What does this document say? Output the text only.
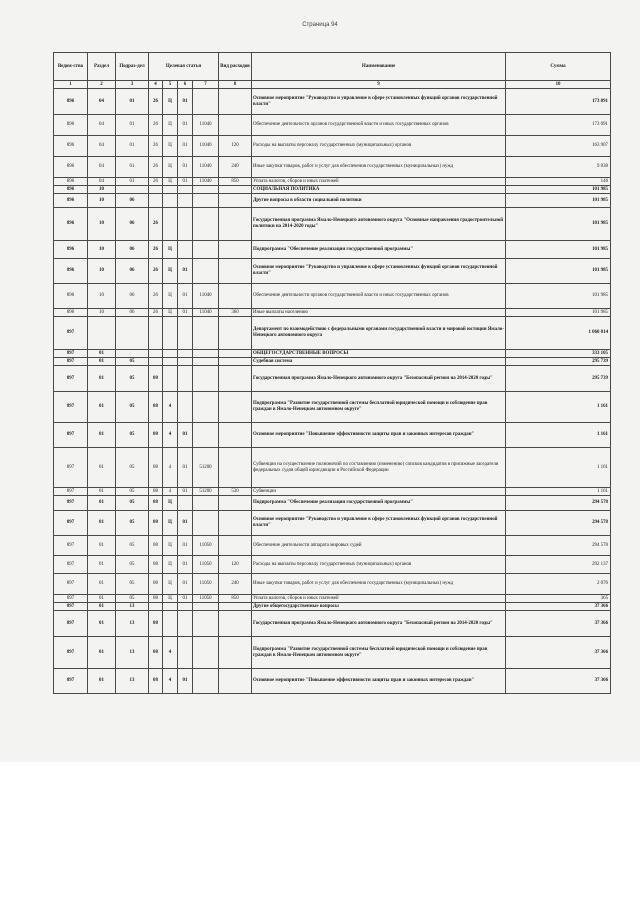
Страница 94
Ведом-ство	Раздел	Подраз-дел	Целевая статья				Вид расходов	Наименование	Сумма
1	2	3	4	5	6	7	8	9	10
896	04	01	26	Ц	01			Основное мероприятие "Руководство и управление в сфере установленных функций органов государственной власти"	173 091
896	04	01	26	Ц	01	11040		Обеспечение деятельности органов государственной власти и иных государственных органов	173 091
896	04	01	26	Ц	01	11040	120	Расходы на выплаты персоналу государственных (муниципальных) органов	163 907
896	04	01	26	Ц	01	11040	240	Иные закупки товаров, работ и услуг для обеспечения государственных (муниципальных) нужд	9 038
896	04	01	26	Ц	01	11040	850	Уплата налогов, сборов и иных платежей	146
896	10							СОЦИАЛЬНАЯ ПОЛИТИКА	101 985
896	10	06						Другие вопросы в области социальной политики	101 985
896	10	06	26					Государственная программа Ямало-Ненецкого автономного округа "Основные направления градостроительной политики на 2014-2020 годы"	101 985
896	10	06	26	Ц				Подпрограмма "Обеспечение реализации государственной программы"	101 985
896	10	06	26	Ц	01			Основное мероприятие "Руководство и управление в сфере установленных функций органов государственной власти"	101 985
896	10	06	26	Ц	01	11040		Обеспечение деятельности органов государственной власти и иных государственных органов	101 985
896	10	06	26	Ц	01	11040	360	Иные выплаты населению	101 985
897								Департамент по взаимодействию с федеральными органами государственной власти и мировой юстиции Ямало-Ненецкого автономного округа	1 060 014
897	01							ОБЩЕГОСУДАРСТВЕННЫЕ ВОПРОСЫ	333 105
897	01	05						Судебная система	295 739
897	01	05	08					Государственная программа Ямало-Ненецкого автономного округа "Безопасный регион на 2014-2020 годы"	295 739
897	01	05	08	4				Подпрограмма "Развитие государственной системы бесплатной юридической помощи и соблюдение прав граждан в Ямало-Ненецком автономном округе"	1 161
897	01	05	08	4	01			Основное мероприятие "Повышение эффективности защиты прав и законных интересов граждан"	1 161
897	01	05	08	4	01	51200		Субвенции на осуществление полномочий по составлению (изменению) списков кандидатов в присяжные заседатели федеральных судов общей юрисдикции в Российской Федерации	1 161
897	01	05	08	4	01	51200	530	Субвенции	1 161
897	01	05	08	Ц				Подпрограмма "Обеспечение реализации государственной программы"	294 578
897	01	05	08	Ц	01			Основное мероприятие "Руководство и управление в сфере установленных функций органов государственной власти"	294 578
897	01	05	08	Ц	01	11050		Обеспечение деятельности аппарата мировых судей	294 578
897	01	05	08	Ц	01	11050	120	Расходы на выплаты персоналу государственных (муниципальных) органов	292 137
897	01	05	08	Ц	01	11050	240	Иные закупки товаров, работ и услуг для обеспечения государственных (муниципальных) нужд	2 076
897	01	05	08	Ц	01	11050	850	Уплата налогов, сборов и иных платежей	365
897	01	13						Другие общегосударственные вопросы	37 366
897	01	13	08					Государственная программа Ямало-Ненецкого автономного округа "Безопасный регион на 2014-2020 годы"	37 366
897	01	13	08	4				Подпрограмма "Развитие государственной системы бесплатной юридической помощи и соблюдение прав граждан в Ямало-Ненецком автономном округе"	37 366
897	01	13	08	4	01			Основное мероприятие "Повышение эффективности защиты прав и законных интересов граждан"	37 366
